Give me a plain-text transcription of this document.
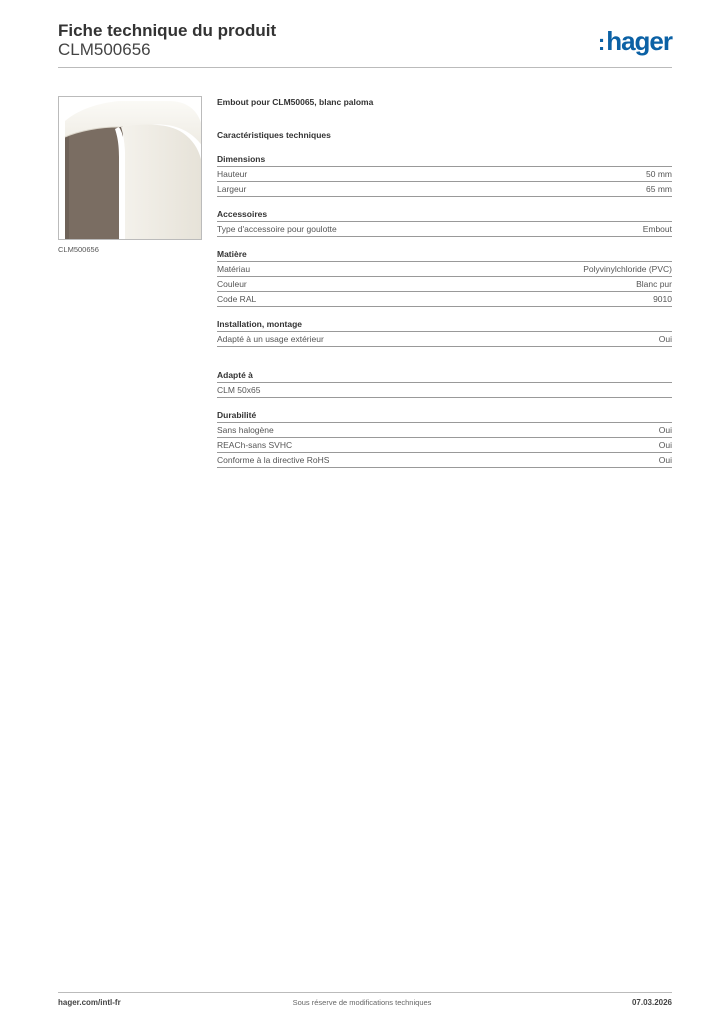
Fiche technique du produit
CLM500656	:hager
CLM500656
Embout pour CLM50065, blanc paloma
Caractéristiques techniques
Dimensions
Hauteur	50 mm
Largeur	65 mm
Accessoires
Type d'accessoire pour goulotte	Embout
Matière
Matériau	Polyvinylchloride (PVC)
Couleur	Blanc pur
Code RAL	9010
Installation, montage
Adapté à un usage extérieur	Oui
Adapté à
CLM 50x65
Durabilité
Sans halogène	Oui
REACh-sans SVHC	Oui
Conforme à la directive RoHS	Oui
hager.com/intl-fr	Sous réserve de modifications techniques	07.03.2026
